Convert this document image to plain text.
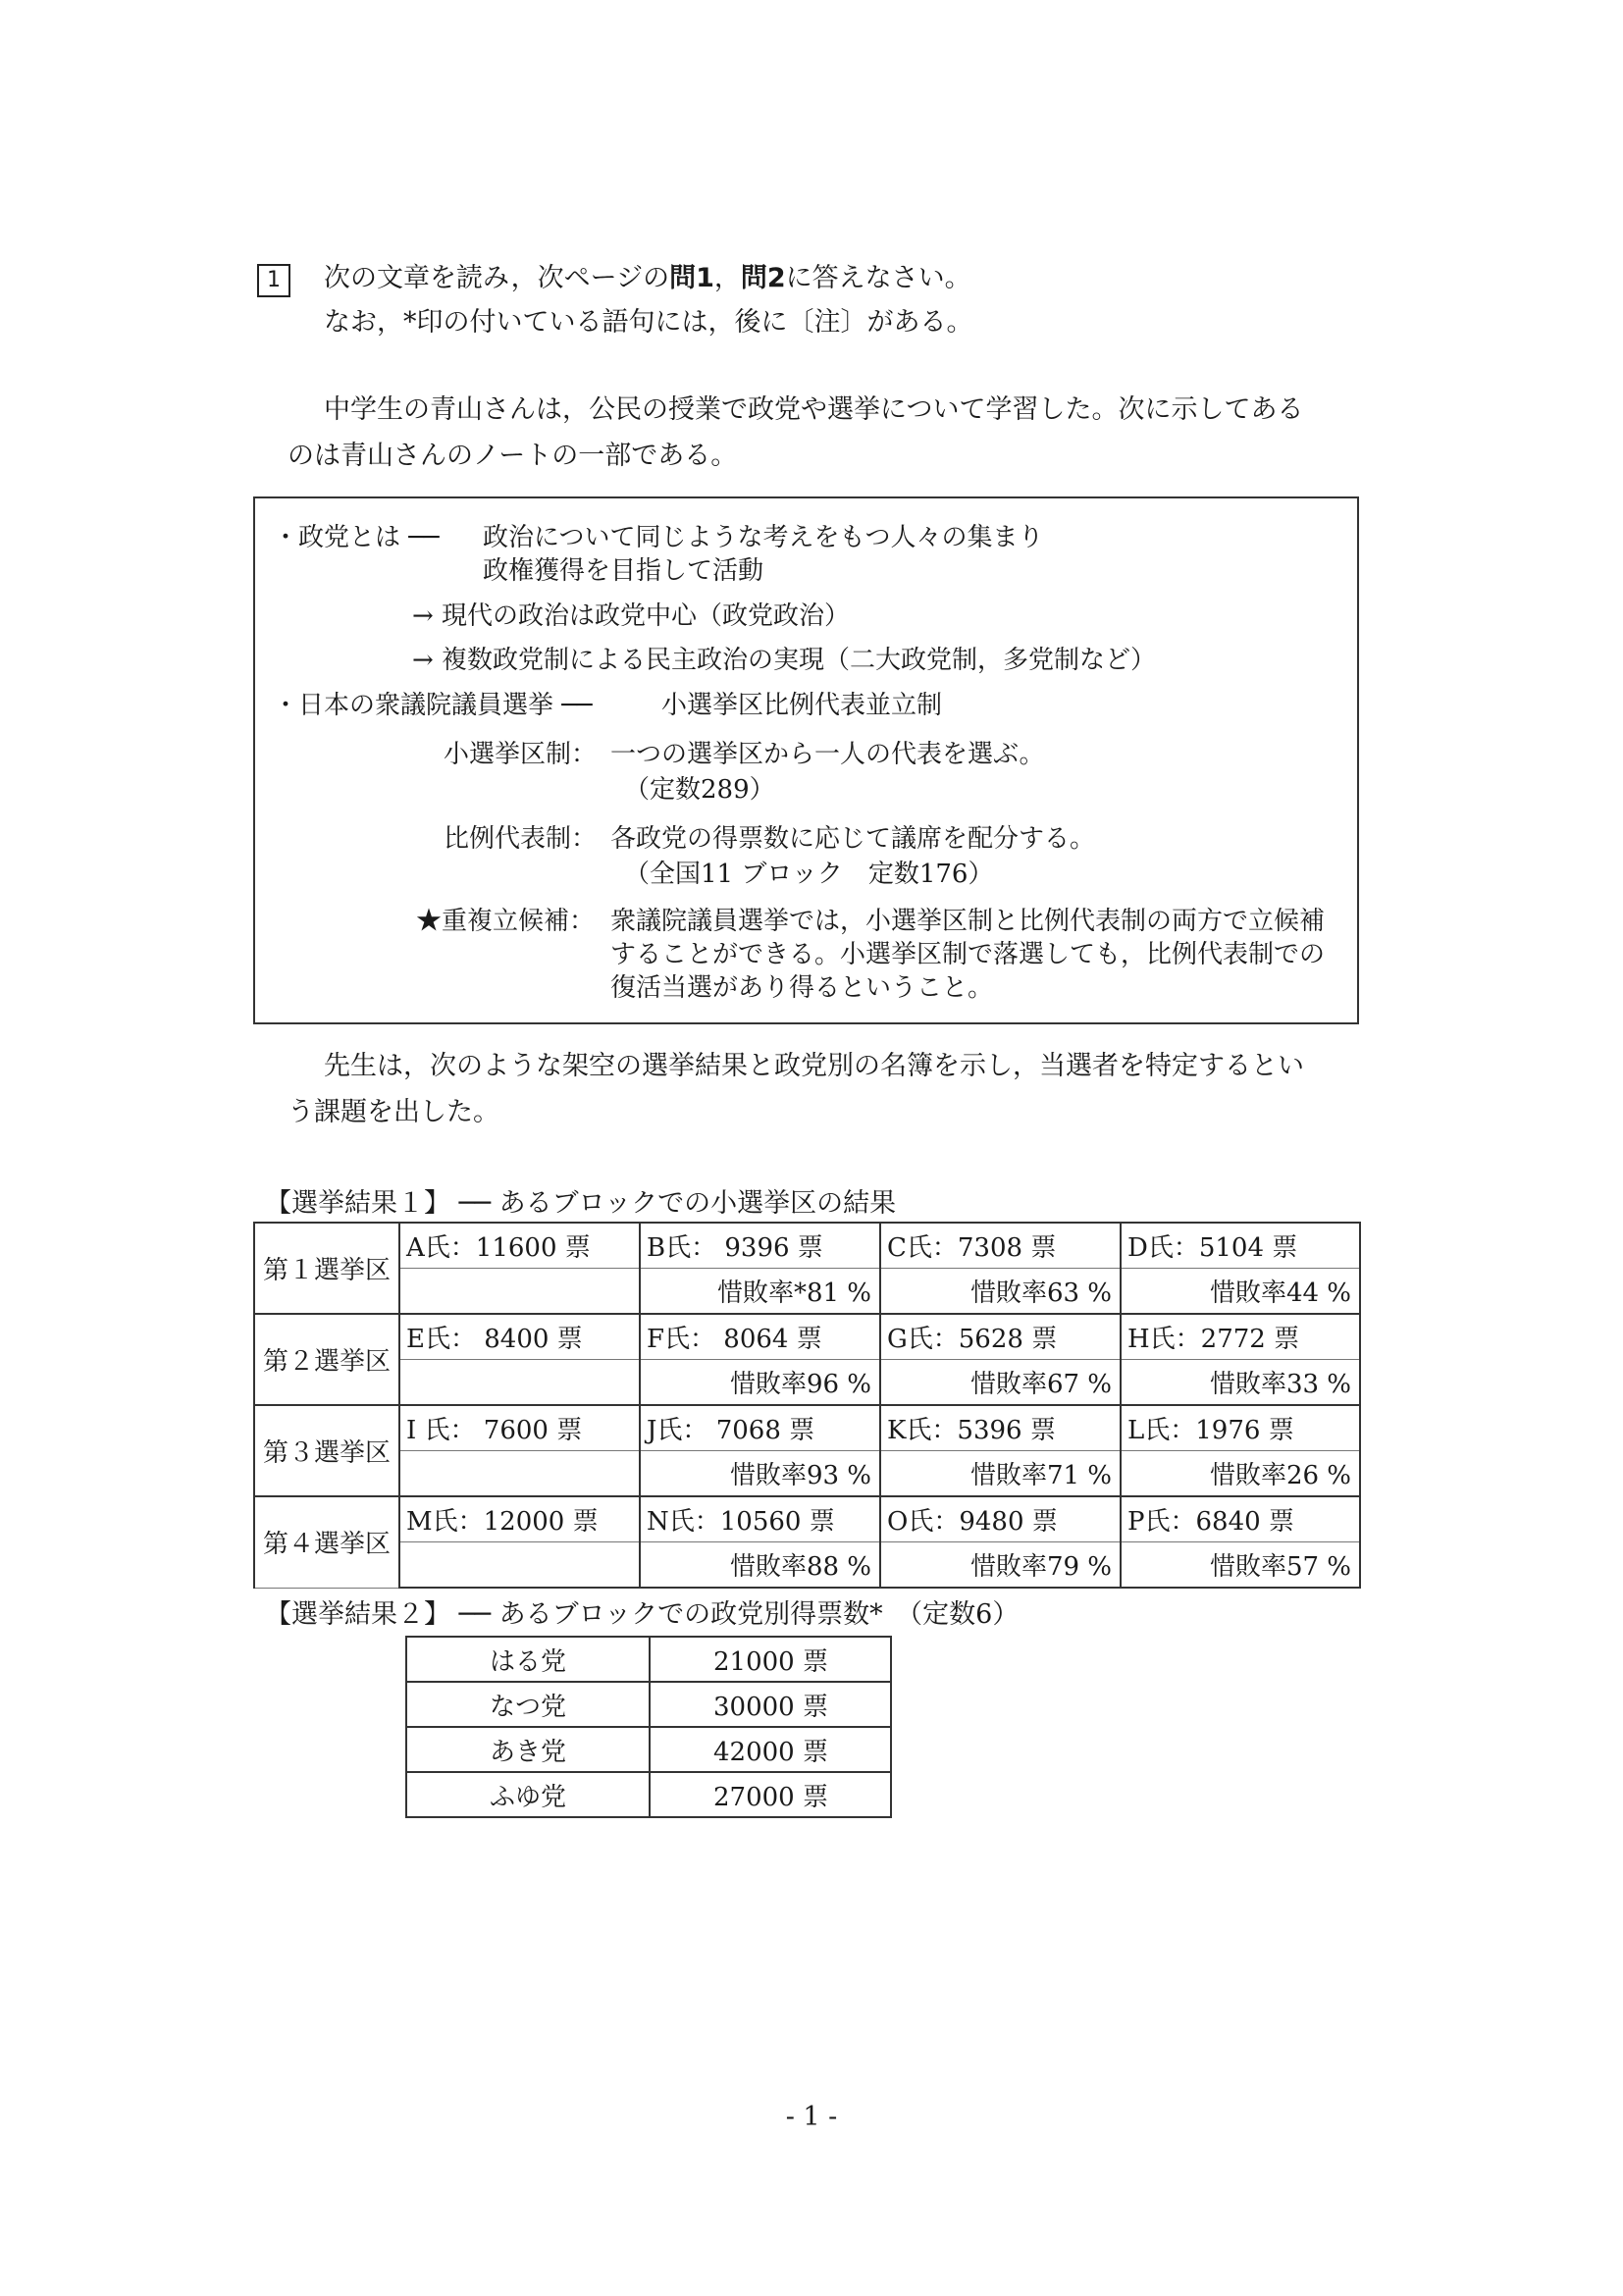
1	次の文章を読み，次ページの問1，問2に答えなさい。
なお，*印の付いている語句には，後に〔注〕がある。
中学生の青山さんは，公民の授業で政党や選挙について学習した。次に示してある
のは青山さんのノートの一部である。
・政党とは ── 政治について同じような考えをもつ人々の集まり
政権獲得を目指して活動
→ 現代の政治は政党中心（政党政治）
→ 複数政党制による民主政治の実現（二大政党制，多党制など）
・日本の衆議院議員選挙 ──	小選挙区比例代表並立制
小選挙区制： 一つの選挙区から一人の代表を選ぶ。
（定数289）
比例代表制： 各政党の得票数に応じて議席を配分する。
（全国11 ブロック　定数176）
★重複立候補： 衆議院議員選挙では，小選挙区制と比例代表制の両方で立候補
することができる。小選挙区制で落選しても，比例代表制での
復活当選があり得るということ。
先生は，次のような架空の選挙結果と政党別の名簿を示し，当選者を特定するとい
う課題を出した。
【選挙結果１】 ── あるブロックでの小選挙区の結果
第１選挙区	A氏：11600 票	B氏： 9396 票	C氏：7308 票	D氏：5104 票
		惜敗率*81 %	惜敗率63 %	惜敗率44 %
第２選挙区	E氏： 8400 票	F氏： 8064 票	G氏：5628 票	H氏：2772 票
		惜敗率96 %	惜敗率67 %	惜敗率33 %
第３選挙区	I 氏： 7600 票	J氏： 7068 票	K氏：5396 票	L氏：1976 票
		惜敗率93 %	惜敗率71 %	惜敗率26 %
第４選挙区	M氏：12000 票	N氏：10560 票	O氏：9480 票	P氏：6840 票
		惜敗率88 %	惜敗率79 %	惜敗率57 %
【選挙結果２】 ── あるブロックでの政党別得票数*　（定数6）
はる党	21000 票
なつ党	30000 票
あき党	42000 票
ふゆ党	27000 票
- 1 -
